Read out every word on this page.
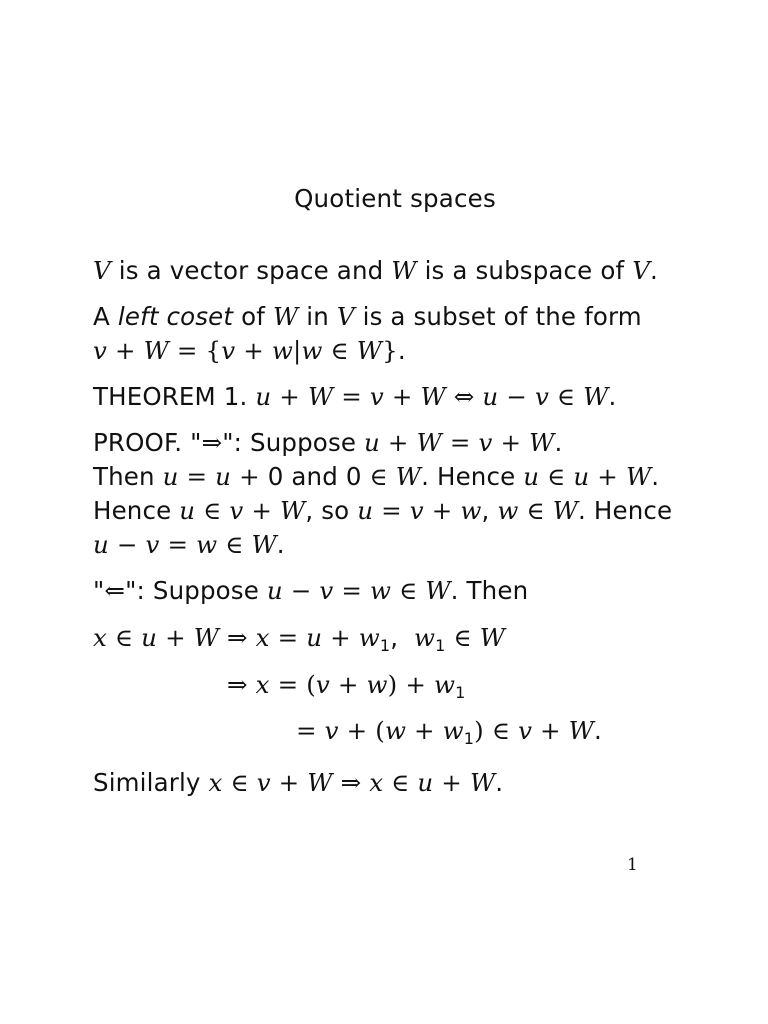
Quotient spaces
V is a vector space and W is a subspace of V.
A left coset of W in V is a subset of the form
v + W = {v + w|w ∈ W}.
THEOREM 1. u + W = v + W ⇔ u − v ∈ W.
PROOF. "⇒": Suppose u + W = v + W.
Then u = u + 0 and 0 ∈ W. Hence u ∈ u + W.
Hence u ∈ v + W, so u = v + w, w ∈ W. Hence
u − v = w ∈ W.
"⇐": Suppose u − v = w ∈ W. Then
x ∈ u + W ⇒ $x = u + w_1$,  $w_1$ ∈ W
⇒ $x = (v + w) + w_1$
= $v + (w + w_1)$ ∈ v + W.
Similarly x ∈ v + W ⇒ x ∈ u + W.
1
